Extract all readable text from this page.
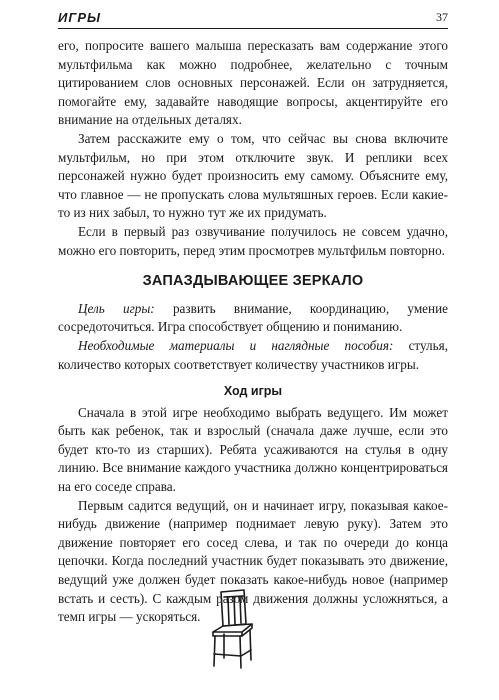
ИГРЫ	37

его, попросите вашего малыша пересказать вам содержание этого мультфильма как можно подробнее, желательно с точным цитированием слов основных персонажей. Если он затрудняется, помогайте ему, задавайте наводящие вопросы, акцентируйте его внимание на отдельных деталях.

Затем расскажите ему о том, что сейчас вы снова включите мультфильм, но при этом отключите звук. И реплики всех персонажей нужно будет произносить ему самому. Объясните ему, что главное — не пропускать слова мультяшных героев. Если какие-то из них забыл, то нужно тут же их придумать.

Если в первый раз озвучивание получилось не совсем удачно, можно его повторить, перед этим просмотрев мультфильм повторно.

ЗАПАЗДЫВАЮЩЕЕ ЗЕРКАЛО

Цель игры: развить внимание, координацию, умение сосредоточиться. Игра способствует общению и пониманию.

Необходимые материалы и наглядные пособия: стулья, количество которых соответствует количеству участников игры.

Ход игры

Сначала в этой игре необходимо выбрать ведущего. Им может быть как ребенок, так и взрослый (сначала даже лучше, если это будет кто-то из старших). Ребята усаживаются на стулья в одну линию. Все внимание каждого участника должно концентрироваться на его соседе справа.

Первым садится ведущий, он и начинает игру, показывая какое-нибудь движение (например поднимает левую руку). Затем это движение повторяет его сосед слева, и так по очереди до конца цепочки. Когда последний участник будет показывать это движение, ведущий уже должен будет показать какое-нибудь новое (например встать и сесть). С каждым разом движения должны усложняться, а темп игры — ускоряться.
